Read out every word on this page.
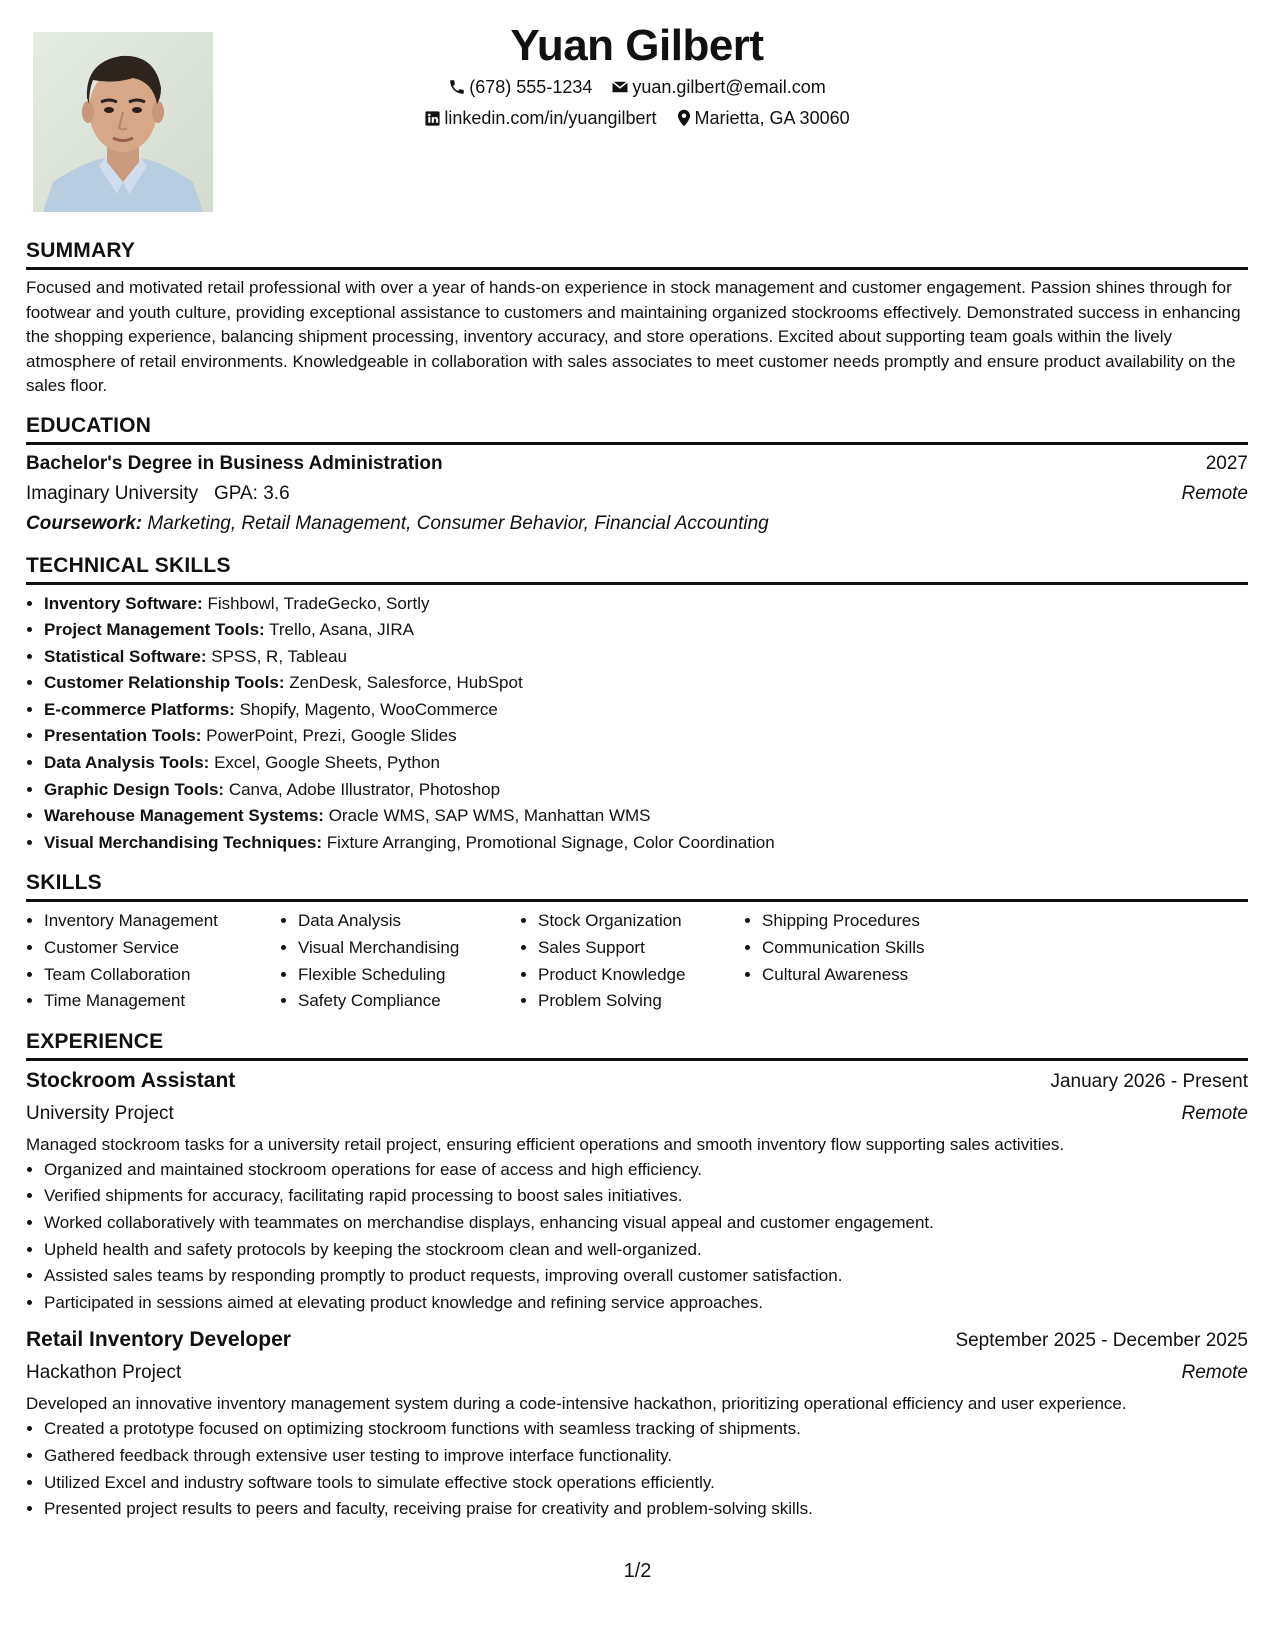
Yuan Gilbert
(678) 555-1234 yuan.gilbert@email.com
linkedin.com/in/yuangilbert Marietta, GA 30060
SUMMARY

Focused and motivated retail professional with over a year of hands-on experience in stock management and customer engagement. Passion shines through for footwear and youth culture, providing exceptional assistance to customers and maintaining organized stockrooms effectively. Demonstrated success in enhancing the shopping experience, balancing shipment processing, inventory accuracy, and store operations. Excited about supporting team goals within the lively atmosphere of retail environments. Knowledgeable in collaboration with sales associates to meet customer needs promptly and ensure product availability on the sales floor.

EDUCATION
Bachelor's Degree in Business Administration	2027
Imaginary University GPA: 3.6	Remote
Coursework: Marketing, Retail Management, Consumer Behavior, Financial Accounting
TECHNICAL SKILLS
• Inventory Software: Fishbowl, TradeGecko, Sortly
• Project Management Tools: Trello, Asana, JIRA
• Statistical Software: SPSS, R, Tableau
• Customer Relationship Tools: ZenDesk, Salesforce, HubSpot
• E-commerce Platforms: Shopify, Magento, WooCommerce
• Presentation Tools: PowerPoint, Prezi, Google Slides
• Data Analysis Tools: Excel, Google Sheets, Python
• Graphic Design Tools: Canva, Adobe Illustrator, Photoshop
• Warehouse Management Systems: Oracle WMS, SAP WMS, Manhattan WMS
• Visual Merchandising Techniques: Fixture Arranging, Promotional Signage, Color Coordination
SKILLS
• Inventory Management
• Customer Service
• Team Collaboration
• Time Management
• Data Analysis
• Visual Merchandising
• Flexible Scheduling
• Safety Compliance
• Stock Organization
• Sales Support
• Product Knowledge
• Problem Solving
• Shipping Procedures
• Communication Skills
• Cultural Awareness
EXPERIENCE
Stockroom Assistant	January 2026 - Present
University Project	Remote
Managed stockroom tasks for a university retail project, ensuring efficient operations and smooth inventory flow supporting sales activities.
• Organized and maintained stockroom operations for ease of access and high efficiency.
• Verified shipments for accuracy, facilitating rapid processing to boost sales initiatives.
• Worked collaboratively with teammates on merchandise displays, enhancing visual appeal and customer engagement.
• Upheld health and safety protocols by keeping the stockroom clean and well-organized.
• Assisted sales teams by responding promptly to product requests, improving overall customer satisfaction.
• Participated in sessions aimed at elevating product knowledge and refining service approaches.
Retail Inventory Developer	September 2025 - December 2025
Hackathon Project	Remote
Developed an innovative inventory management system during a code-intensive hackathon, prioritizing operational efficiency and user experience.
• Created a prototype focused on optimizing stockroom functions with seamless tracking of shipments.
• Gathered feedback through extensive user testing to improve interface functionality.
• Utilized Excel and industry software tools to simulate effective stock operations efficiently.
• Presented project results to peers and faculty, receiving praise for creativity and problem-solving skills.
1/2
